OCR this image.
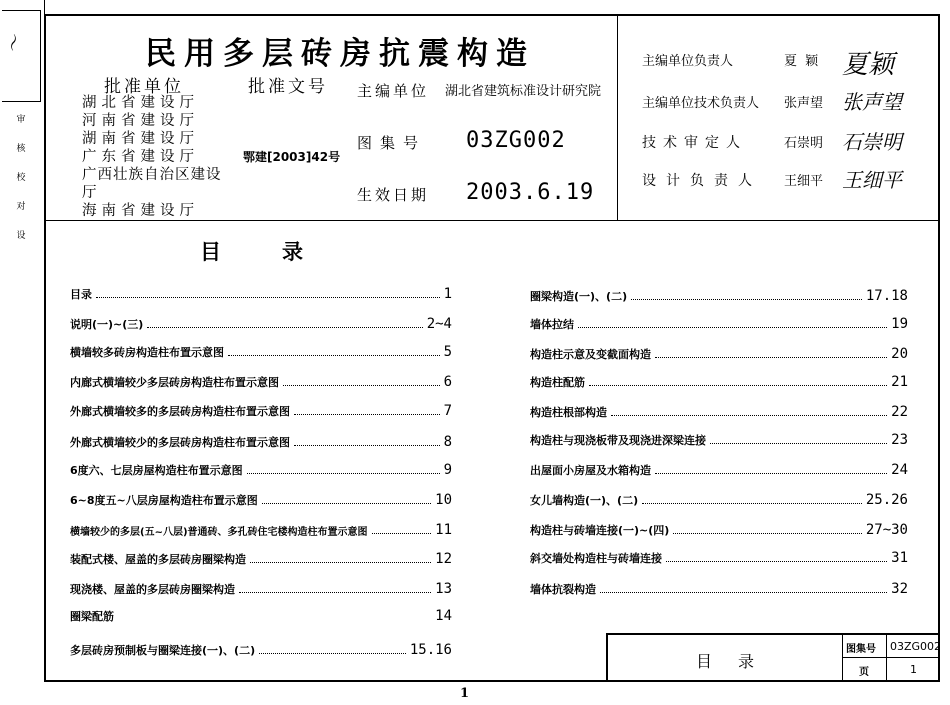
～
审
核
校
对
设
民用多层砖房抗震构造
批准单位
湖北省建设厅
河南省建设厅
湖南省建设厅
广东省建设厅
广西壮族自治区建设厅
海南省建设厅
批准文号
鄂建[2003]42号
主编单位 湖北省建筑标准设计研究院
图集号 03ZG002
生效日期 2003.6.19
主编单位负责人	夏 颖 夏颖
主编单位技术负责人 张声望 张声望
技术审定人	石崇明 石崇明
设计负责人 王细平 王细平
目	录
目录	1
说明(一)~(三)	2~4
横墙较多砖房构造柱布置示意图	5
内廊式横墙较少多层砖房构造柱布置示意图	6
外廊式横墙较多的多层砖房构造柱布置示意图	7
外廊式横墙较少的多层砖房构造柱布置示意图	8
6度六、七层房屋构造柱布置示意图	9
6~8度五~八层房屋构造柱布置示意图	10
横墙较少的多层(五~八层)普通砖、多孔砖住宅楼构造柱布置示意图	11
装配式楼、屋盖的多层砖房圈梁构造	12
现浇楼、屋盖的多层砖房圈梁构造	13
圈梁配筋	14
多层砖房预制板与圈梁连接(一)、(二)	15.16
圈梁构造(一)、(二)	17.18
墙体拉结	19
构造柱示意及变截面构造	20
构造柱配筋	21
构造柱根部构造	22
构造柱与现浇板带及现浇进深梁连接	23
出屋面小房屋及水箱构造	24
女儿墙构造(一)、(二)	25.26
构造柱与砖墙连接(一)~(四)	27~30
斜交墙处构造柱与砖墙连接	31
墙体抗裂构造	32
目 录
图集号 03ZG002
页	1
1
